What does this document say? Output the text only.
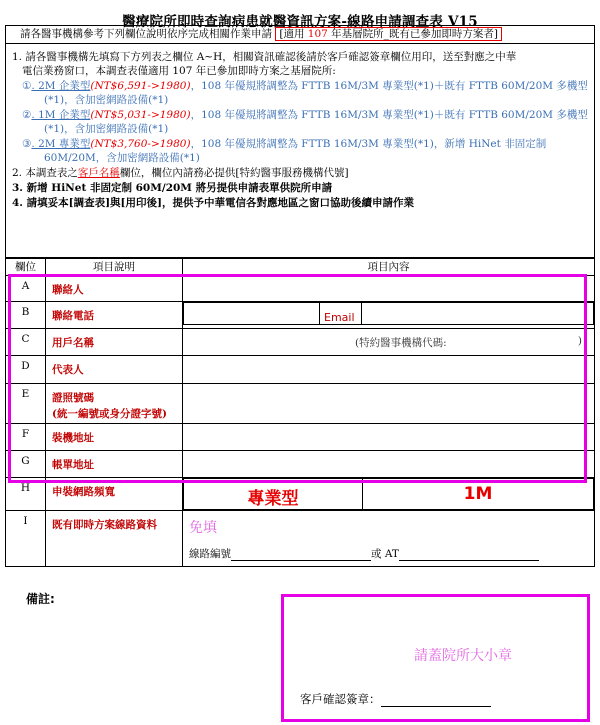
醫療院所即時查詢病患就醫資訊方案-線路申請調查表 V15
請各醫事機構參考下列欄位說明依序完成相關作業申請 [適用 107 年基層院所_既有已參加即時方案者]

1. 請各醫事機構先填寫下方列表之欄位 A~H，相關資訊確認後請於客戶確認簽章欄位用印，送至對應之中華
電信業務窗口，本調查表僅適用 107 年已參加即時方案之基層院所:

①. 2M 企業型(NT$6,591->1980)，108 年優規將調整為 FTTB 16M/3M 專業型(*1)＋既有 FTTB 60M/20M 多機型
(*1)，含加密網路設備(*1)

②. 1M 企業型(NT$5,031->1980)，108 年優規將調整為 FTTB 16M/3M 專業型(*1)＋既有 FTTB 60M/20M 多機型
(*1)，含加密網路設備(*1)

③. 2M 專業型(NT$3,760->1980)，108 年優規將調整為 FTTB 16M/3M 專業型(*1)，新增 HiNet 非固定制
60M/20M，含加密網路設備(*1)

2. 本調查表之客戶名稱欄位，欄位內請務必提供[特約醫事服務機構代號]

3. 新增 HiNet 非固定制 60M/20M 將另提供申請表單供院所申請

4. 請填妥本[調查表]與[用印後]，提供予中華電信各對應地區之窗口協助後續申請作業

欄位	項目說明	項目內容
A	聯絡人	
B	聯絡電話	
		Email	

C	用戶名稱	(特約醫事機構代碼:	)

D	代表人	
E	證照號碼
(統一編號或身分證字號)	
F	裝機地址	
G	帳單地址	
H	申裝網路頻寬		專業型	1M

I	既有即時方案線路資料	免填
線路編號	或 AT
備註:
請蓋院所大小章
客戶確認簽章：
